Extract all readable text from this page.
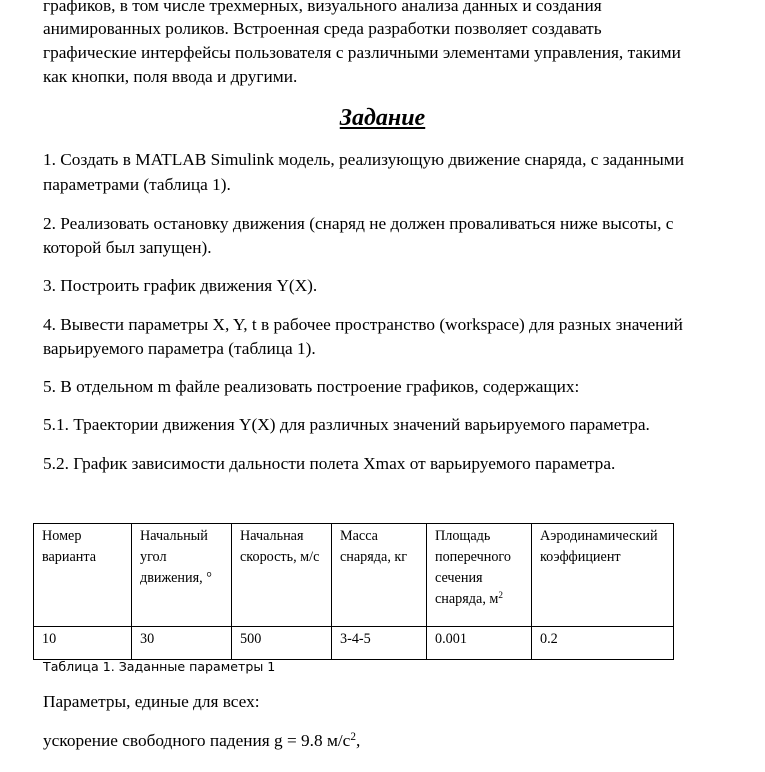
графиков, в том числе трехмерных, визуального анализа данных и создания

анимированных роликов. Встроенная среда разработки позволяет создавать

графические интерфейсы пользователя с различными элементами управления, такими

как кнопки, поля ввода и другими.

Задание

1. Создать в MATLAB Simulink модель, реализующую движение снаряда, с заданными

параметрами (таблица 1).

2. Реализовать остановку движения (снаряд не должен проваливаться ниже высоты, с

которой был запущен).

3. Построить график движения Y(X).

4. Вывести параметры X, Y, t в рабочее пространство (workspace) для разных значений

варьируемого параметра (таблица 1).

5. В отдельном m файле реализовать построение графиков, содержащих:

5.1. Траектории движения Y(X) для различных значений варьируемого параметра.

5.2. График зависимости дальности полета Xmax от варьируемого параметра.

Номер варианта	Начальный угол движения, °	Начальная скорость, м/с	Масса снаряда, кг	Площадь поперечного сечения снаряда, $м^2$	Аэродинамический коэффициент
10	30	500	3-4-5	0.001	0.2
Таблица 1. Заданные параметры 1

Параметры, единые для всех:

ускорение свободного падения g = 9.8 $м/с^2$,
